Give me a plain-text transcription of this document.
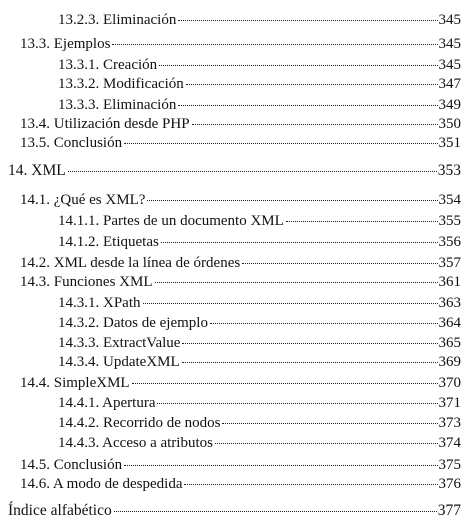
13.2.3. Eliminación	345
13.3. Ejemplos	345
13.3.1. Creación	345
13.3.2. Modificación	347
13.3.3. Eliminación	349
13.4. Utilización desde PHP	350
13.5. Conclusión	351
14. XML	353
14.1. ¿Qué es XML?	354
14.1.1. Partes de un documento XML	355
14.1.2. Etiquetas	356
14.2. XML desde la línea de órdenes	357
14.3. Funciones XML	361
14.3.1. XPath	363
14.3.2. Datos de ejemplo	364
14.3.3. ExtractValue	365
14.3.4. UpdateXML	369
14.4. SimpleXML	370
14.4.1. Apertura	371
14.4.2. Recorrido de nodos	373
14.4.3. Acceso a atributos	374
14.5. Conclusión	375
14.6. A modo de despedida	376
Índice alfabético	377
